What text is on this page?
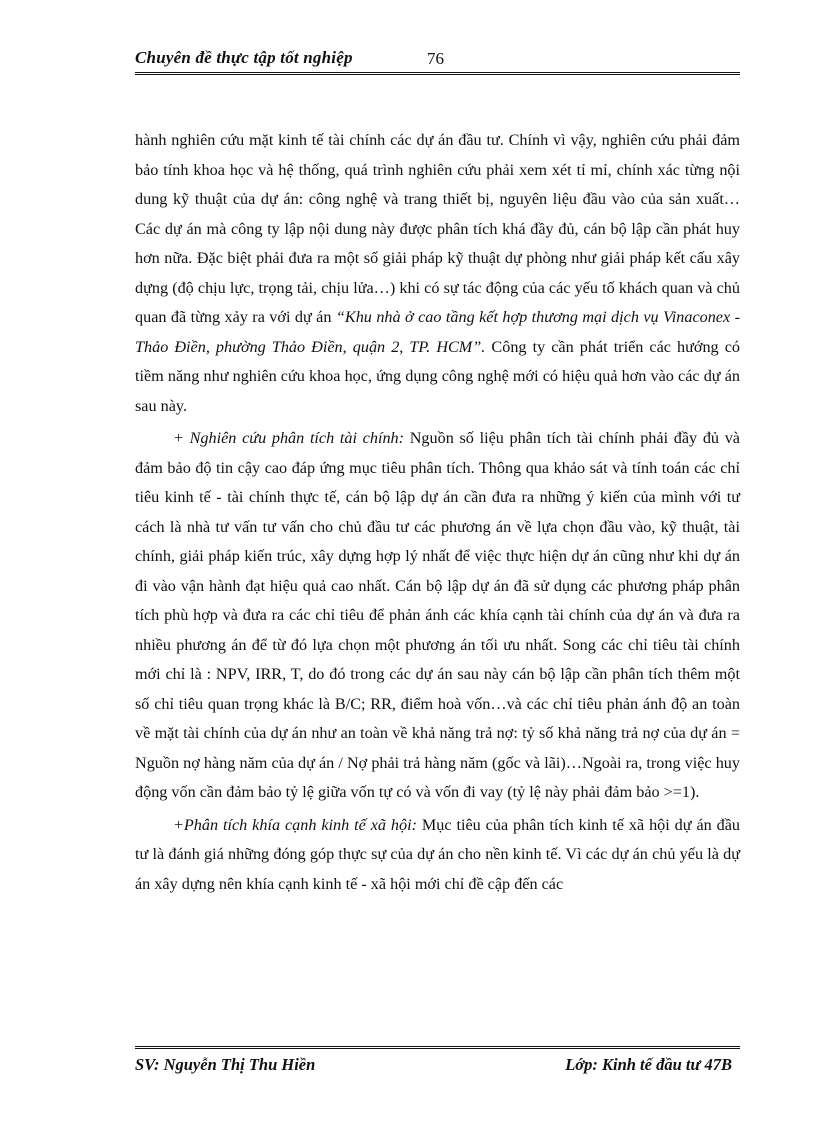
Chuyên đề thực tập tốt nghiệp	76

hành nghiên cứu mặt kinh tế tài chính các dự án đầu tư. Chính vì vậy, nghiên cứu phải đảm bảo tính khoa học và hệ thống, quá trình nghiên cứu phải xem xét tỉ mỉ, chính xác từng nội dung kỹ thuật của dự án: công nghệ và trang thiết bị, nguyên liệu đầu vào của sản xuất… Các dự án mà công ty lập nội dung này được phân tích khá đầy đủ, cán bộ lập cần phát huy hơn nữa. Đặc biệt phải đưa ra một số giải pháp kỹ thuật dự phòng như giải pháp kết cấu xây dựng (độ chịu lực, trọng tải, chịu lửa…) khi có sự tác động của các yếu tố khách quan và chủ quan đã từng xảy ra với dự án “Khu nhà ở cao tầng kết hợp thương mại dịch vụ Vinaconex - Thảo Điền, phường Thảo Điền, quận 2, TP. HCM”. Công ty cần phát triển các hướng có tiềm năng như nghiên cứu khoa học, ứng dụng công nghệ mới có hiệu quả hơn vào các dự án sau này.

+ Nghiên cứu phân tích tài chính: Nguồn số liệu phân tích tài chính phải đầy đủ và đảm bảo độ tin cậy cao đáp ứng mục tiêu phân tích. Thông qua khảo sát và tính toán các chỉ tiêu kinh tế - tài chính thực tế, cán bộ lập dự án cần đưa ra những ý kiến của mình với tư cách là nhà tư vấn tư vấn cho chủ đầu tư các phương án về lựa chọn đầu vào, kỹ thuật, tài chính, giải pháp kiến trúc, xây dựng hợp lý nhất để việc thực hiện dự án cũng như khi dự án đi vào vận hành đạt hiệu quả cao nhất. Cán bộ lập dự án đã sử dụng các phương pháp phân tích phù hợp và đưa ra các chỉ tiêu để phản ánh các khía cạnh tài chính của dự án và đưa ra nhiều phương án để từ đó lựa chọn một phương án tối ưu nhất. Song các chỉ tiêu tài chính mới chỉ là : NPV, IRR, T, do đó trong các dự án sau này cán bộ lập cần phân tích thêm một số chỉ tiêu quan trọng khác là B/C; RR, điểm hoà vốn…và các chỉ tiêu phản ánh độ an toàn về mặt tài chính của dự án như an toàn về khả năng trả nợ: tỷ số khả năng trả nợ của dự án = Nguồn nợ hàng năm của dự án / Nợ phải trả hàng năm (gốc và lãi)…Ngoài ra, trong việc huy động vốn cần đảm bảo tỷ lệ giữa vốn tự có và vốn đi vay (tỷ lệ này phải đảm bảo >=1).

+Phân tích khía cạnh kinh tế xã hội: Mục tiêu của phân tích kinh tế xã hội dự án đầu tư là đánh giá những đóng góp thực sự của dự án cho nền kinh tế. Vì các dự án chủ yếu là dự án xây dựng nên khía cạnh kinh tế - xã hội mới chỉ đề cập đến các

SV: Nguyễn Thị Thu Hiền	Lớp: Kinh tế đầu tư 47B
